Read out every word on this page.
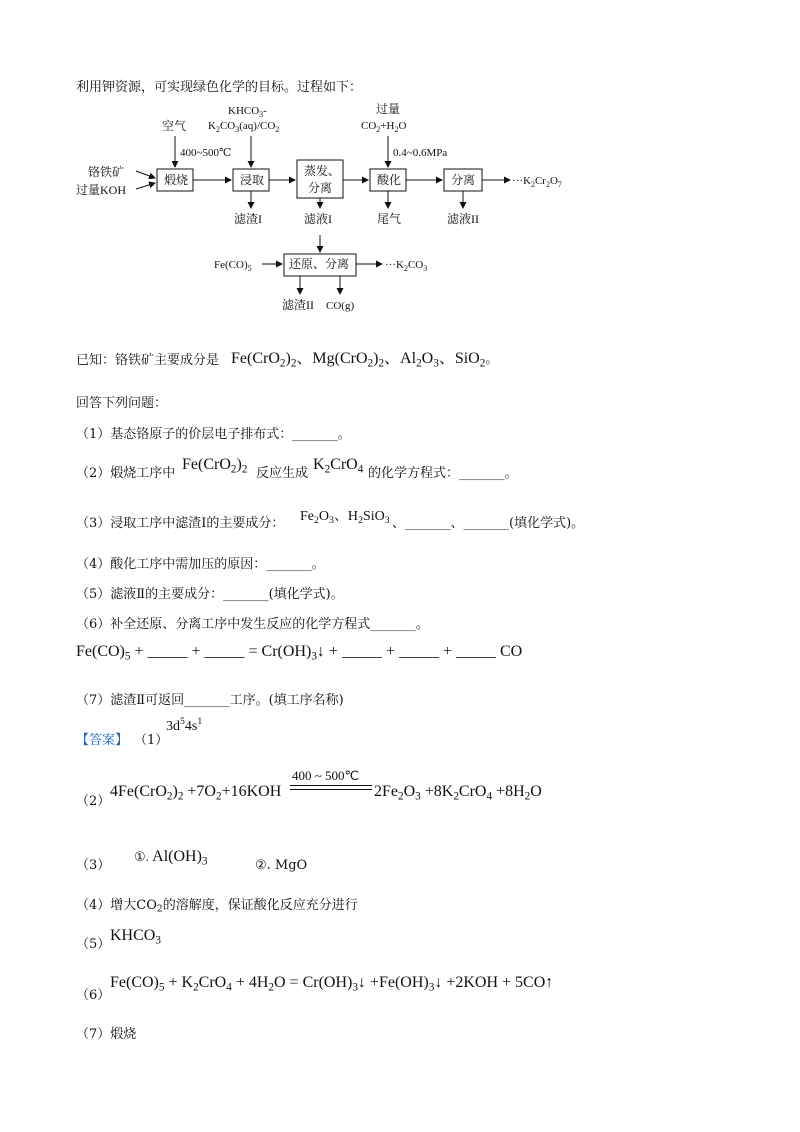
利用钾资源，可实现绿色化学的目标。过程如下：
铬铁矿
过量KOH
空气
400~500℃
煅烧
$KHCO_3-$
$K_2CO_3(aq)/CO_2$
浸取
滤渣I
蒸发、
分离
滤液I
过量
$CO_2+H_2O$
0.4~0.6MPa
酸化
尾气
分离
滤液II
$\cdot\cdot\cdot K_2Cr_2O_7$
$Fe(CO)_5$	还原、分离	$\cdot\cdot\cdot K_2CO_3$
滤渣II CO(g)
已知：铬铁矿主要成分是 $Fe(CrO_2)_2$、$Mg(CrO_2)_2$、$Al_2O_3$、SiO$_2$。
回答下列问题：
（1）基态铬原子的价层电子排布式：_______。
（2）煅烧工序中
$Fe(CrO_2)_2$ 反应生成
$K_2CrO_4$ 的化学方程式：_______。
（3）浸取工序中滤渣Ⅰ的主要成分： $Fe_2O_3$、$H_2SiO_3$ 、_______、_______(填化学式)。
（4）酸化工序中需加压的原因：_______。
（5）滤液Ⅱ的主要成分：_______(填化学式)。
（6）补全还原、分离工序中发生反应的化学方程式_______。
$Fe(CO)_5$ + _____ + _____ = $Cr(OH)_3↓$ + _____ + _____ + _____ CO
（7）滤渣Ⅱ可返回_______工序。(填工序名称)
【答案】 （1）
$3d^54s^1$
（2）
$4Fe(CrO_2)_2 +7O_2+16KOH$
400 ~ 500℃
$2Fe_2O_3 +8K_2CrO_4 +8H_2O$
（3）
①. $Al(OH)_3$	②. MgO
（4）增大$CO_2$的溶解度，保证酸化反应充分进行
（5）
$KHCO_3$
（6）
$Fe(CO)_5 + K_2CrO_4 + 4H_2O$ = $Cr(OH)_3↓$ $+Fe(OH)_3↓ +2KOH$ + 5CO↑
（7）煅烧
